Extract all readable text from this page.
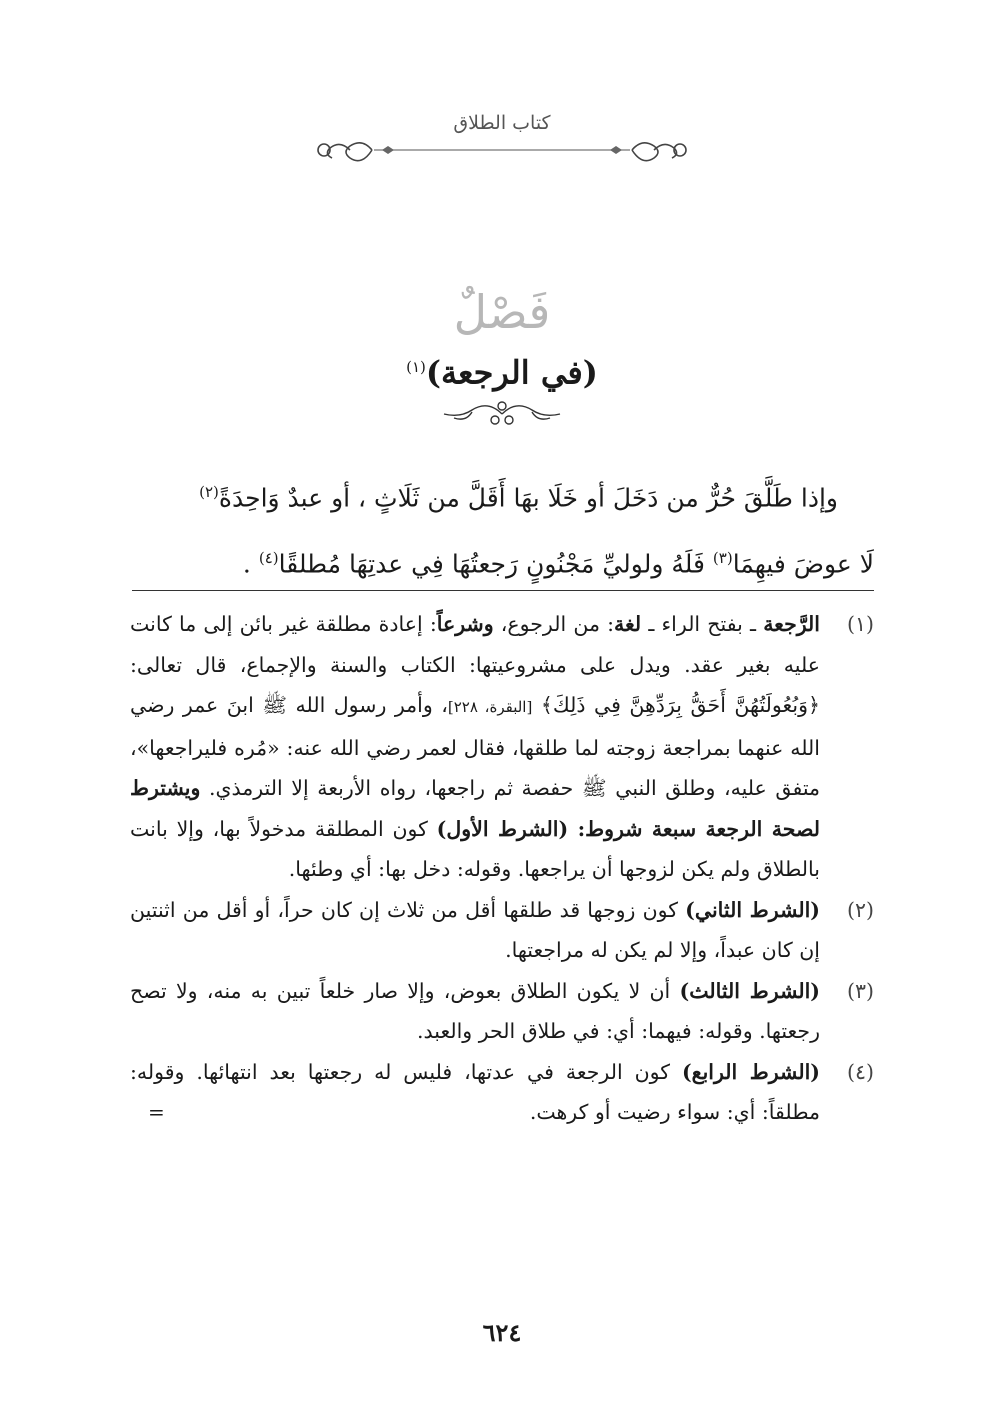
كتاب الطلاق
فَصْلٌ
(في الرجعة)$^{(١)}$

وإذا طَلَّقَ حُرٌّ من دَخَلَ أو خَلَا بهَا أَقَلَّ من ثَلَاثٍ ، أو عبدٌ وَاحِدَةً$^{(٢)}$

لَا عوضَ فيهِمَا$^{(٣)}$ فَلَهُ ولوليِّ مَجْنُونٍ رَجعتُهَا فِي عدتِهَا مُطلقًا$^{(٤)}$ .

(١)
الرَّجعة ـ بفتح الراء ـ لغة: من الرجوع، وشرعاً: إعادة مطلقة غير بائن إلى ما كانت عليه بغير عقد. ويدل على مشروعيتها: الكتاب والسنة والإجماع، قال تعالى: ﴿وَبُعُولَتُهُنَّ أَحَقُّ بِرَدِّهِنَّ فِي ذَلِكَ﴾ [البقرة، ٢٢٨]، وأمر رسول الله ﷺ ابنَ عمر رضي الله عنهما بمراجعة زوجته لما طلقها، فقال لعمر رضي الله عنه: «مُره فليراجعها»، متفق عليه، وطلق النبي ﷺ حفصة ثم راجعها، رواه الأربعة إلا الترمذي. ويشترط لصحة الرجعة سبعة شروط: (الشرط الأول) كون المطلقة مدخولاً بها، وإلا بانت بالطلاق ولم يكن لزوجها أن يراجعها. وقوله: دخل بها: أي وطئها.
(٢)
(الشرط الثاني) كون زوجها قد طلقها أقل من ثلاث إن كان حراً، أو أقل من اثنتين إن كان عبداً، وإلا لم يكن له مراجعتها.
(٣)
(الشرط الثالث) أن لا يكون الطلاق بعوض، وإلا صار خلعاً تبين به منه، ولا تصح رجعتها. وقوله: فيهما: أي: في طلاق الحر والعبد.
(٤)
(الشرط الرابع) كون الرجعة في عدتها، فليس له رجعتها بعد انتهائها. وقوله: مطلقاً: أي: سواء رضيت أو كرهت.
=
٦٢٤
